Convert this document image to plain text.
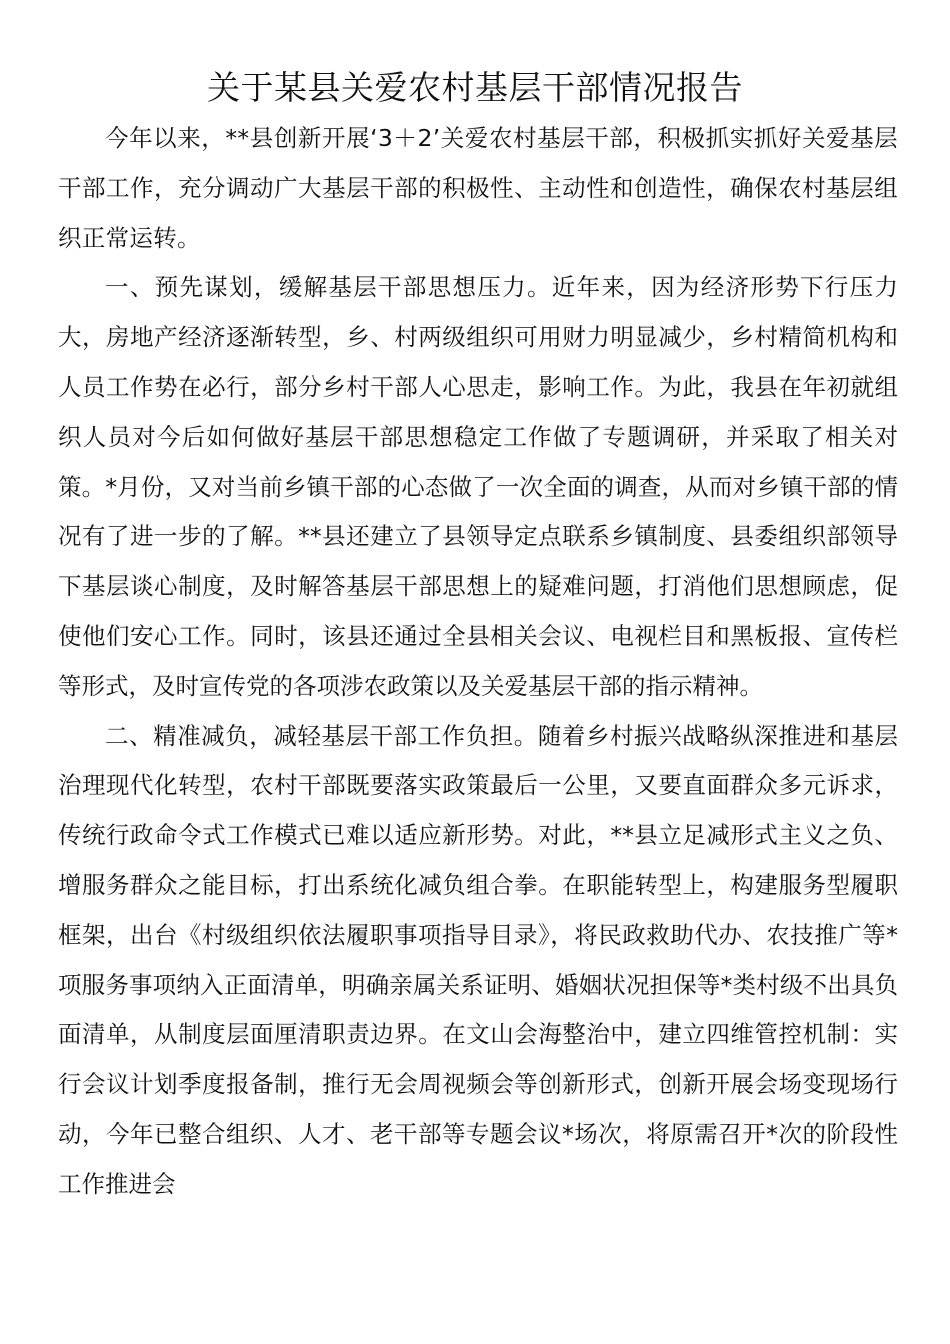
关于某县关爱农村基层干部情况报告

今年以来，**县创新开展‘3＋2’关爱农村基层干部，积极抓实抓好关爱基层干部工作，充分调动广大基层干部的积极性、主动性和创造性，确保农村基层组织正常运转。

一、预先谋划，缓解基层干部思想压力。近年来，因为经济形势下行压力大，房地产经济逐渐转型，乡、村两级组织可用财力明显减少，乡村精简机构和人员工作势在必行，部分乡村干部人心思走，影响工作。为此，我县在年初就组织人员对今后如何做好基层干部思想稳定工作做了专题调研，并采取了相关对策。*月份，又对当前乡镇干部的心态做了一次全面的调查，从而对乡镇干部的情况有了进一步的了解。**县还建立了县领导定点联系乡镇制度、县委组织部领导下基层谈心制度，及时解答基层干部思想上的疑难问题，打消他们思想顾虑，促使他们安心工作。同时，该县还通过全县相关会议、电视栏目和黑板报、宣传栏等形式，及时宣传党的各项涉农政策以及关爱基层干部的指示精神。

二、精准减负，减轻基层干部工作负担。随着乡村振兴战略纵深推进和基层治理现代化转型，农村干部既要落实政策最后一公里，又要直面群众多元诉求，传统行政命令式工作模式已难以适应新形势。对此，**县立足减形式主义之负、增服务群众之能目标，打出系统化减负组合拳。在职能转型上，构建服务型履职框架，出台《村级组织依法履职事项指导目录》，将民政救助代办、农技推广等*项服务事项纳入正面清单，明确亲属关系证明、婚姻状况担保等*类村级不出具负面清单，从制度层面厘清职责边界。在文山会海整治中，建立四维管控机制：实行会议计划季度报备制，推行无会周视频会等创新形式，创新开展会场变现场行动，今年已整合组织、人才、老干部等专题会议*场次，将原需召开*次的阶段性工作推进会
